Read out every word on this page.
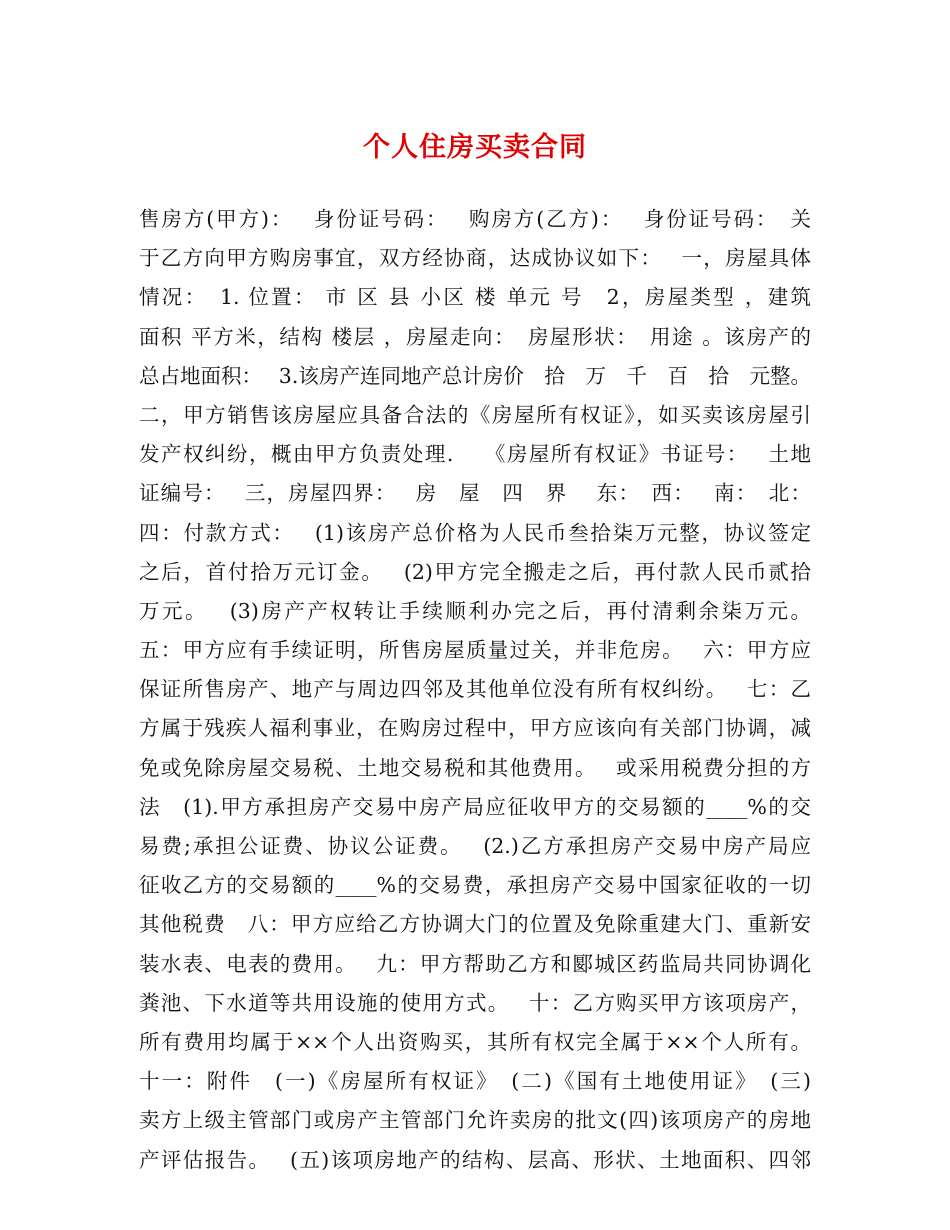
个人住房买卖合同
售房方(甲方)：　 身份证号码：　 购房方(乙方)：　 身份证号码：　关
于乙方向甲方购房事宜，双方经协商，达成协议如下：　 一，房屋具体
情况：　1. 位置： 市 区 县 小区 楼 单元 号　2，房屋类型 ，建筑
面积 平方米，结构 楼层 ，房屋走向：　房屋形状：　用途 。该房产的
总占地面积：　 3.该房产连同地产总计房价　拾　万　千　百　拾　元整。
二，甲方销售该房屋应具备合法的《房屋所有权证》，如买卖该房屋引
发产权纠纷，概由甲方负责处理.　 《房屋所有权证》书证号：　 土地
证编号：　 三，房屋四界：　 房　屋　四　界　 东：　西：　 南：　北：
四：付款方式：　 (1)该房产总价格为人民币叁拾柒万元整，协议签定
之后，首付拾万元订金。　 (2)甲方完全搬走之后，再付款人民币贰拾
万元。　 (3)房产产权转让手续顺利办完之后，再付清剩余柒万元。
五：甲方应有手续证明，所售房屋质量过关，并非危房。　 六：甲方应
保证所售房产、地产与周边四邻及其他单位没有所有权纠纷。　 七：乙
方属于残疾人福利事业，在购房过程中，甲方应该向有关部门协调，减
免或免除房屋交易税、土地交易税和其他费用。　 或采用税费分担的方
法　(1).甲方承担房产交易中房产局应征收甲方的交易额的____%的交
易费;承担公证费、协议公证费。　 (2.)乙方承担房产交易中房产局应
征收乙方的交易额的____%的交易费，承担房产交易中国家征收的一切
其他税费　八：甲方应给乙方协调大门的位置及免除重建大门、重新安
装水表、电表的费用。　 九：甲方帮助乙方和郾城区药监局共同协调化
粪池、下水道等共用设施的使用方式。　 十：乙方购买甲方该项房产，
所有费用均属于××个人出资购买，其所有权完全属于××个人所有。
十一：附件　(一)《房屋所有权证》　(二)《国有土地使用证》　(三)
卖方上级主管部门或房产主管部门允许卖房的批文(四)该项房产的房地
产评估报告。　 (五)该项房地产的结构、层高、形状、土地面积、四邻
